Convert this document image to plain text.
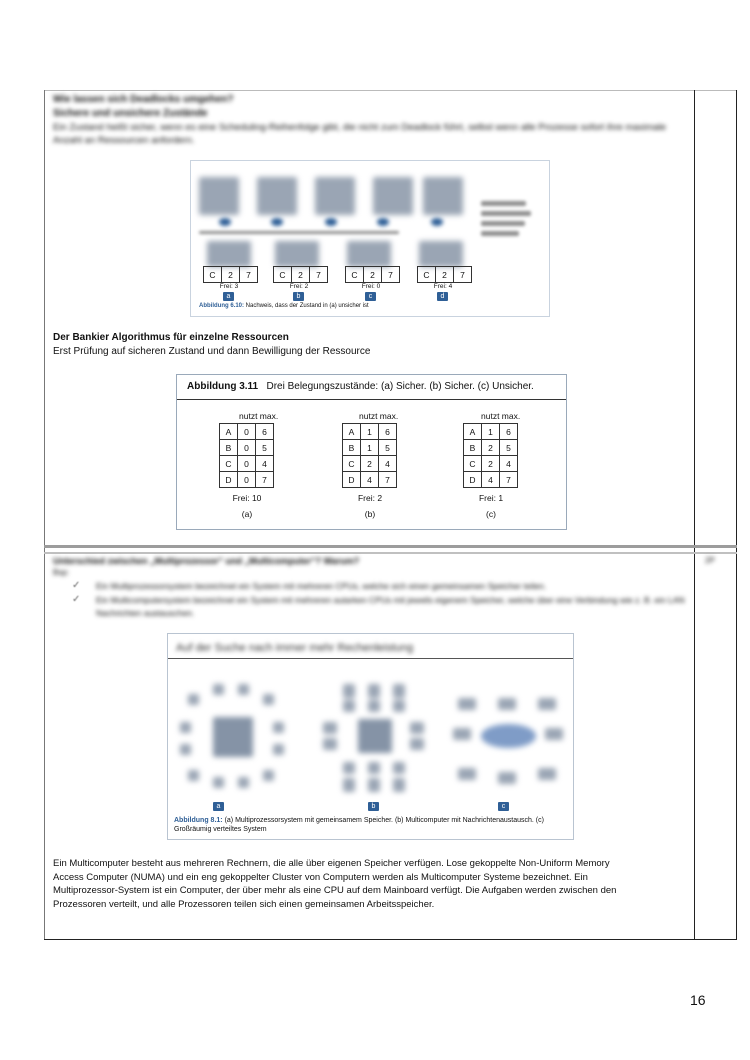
Wie lassen sich Deadlocks umgehen?
Sichere und unsichere Zustände
Ein Zustand heißt sicher, wenn es eine Scheduling-Reihenfolge gibt, die nicht zum Deadlock führt, selbst wenn alle Prozesse sofort ihre maximale Anzahl an Ressourcen anfordern.
C	2	7	C	2	7	C	2	7	C	2	7
Frei: 3	Frei: 2	Frei: 0	Frei: 4
a	b	c	d
Abbildung 6.10: Nachweis, dass der Zustand in (a) unsicher ist
Der Bankier Algorithmus für einzelne Ressourcen
Erst Prüfung auf sicheren Zustand und dann Bewilligung der Ressource
Abbildung 3.11 Drei Belegungszustände: (a) Sicher. (b) Sicher. (c) Unsicher.
nutzt max.
A	0	6
B	0	5
C	0	4
D	0	7
Frei: 10
(a)
nutzt max.
A	1	6
B	1	5
C	2	4
D	4	7
Frei: 2
(b)
nutzt max.
A	1	6
B	2	5
C	2	4
D	4	7
Frei: 1
(c)
Unterschied zwischen „Multiprozessor“ und „Multicomputer“? Warum?	2P
Bsp:
✓ Ein Multiprozessorsystem bezeichnet ein System mit mehreren CPUs, welche sich einen gemeinsamen Speicher teilen.
✓ Ein Multicomputersystem bezeichnet ein System mit mehreren autarken CPUs mit jeweils eigenem Speicher, welche über eine Verbindung wie z. B. ein LAN Nachrichten austauschen.
Auf der Suche nach immer mehr Rechenleistung
a	b	c
Abbildung 8.1: (a) Multiprozessorsystem mit gemeinsamem Speicher. (b) Multicomputer mit Nachrichtenaustausch. (c) Großräumig verteiltes System
Ein Multicomputer besteht aus mehreren Rechnern, die alle über eigenen Speicher verfügen. Lose gekoppelte Non-Uniform Memory
Access Computer (NUMA) und ein eng gekoppelter Cluster von Computern werden als Multicomputer Systeme bezeichnet. Ein
Multiprozessor-System ist ein Computer, der über mehr als eine CPU auf dem Mainboard verfügt. Die Aufgaben werden zwischen den
Prozessoren verteilt, und alle Prozessoren teilen sich einen gemeinsamen Arbeitsspeicher.
16
